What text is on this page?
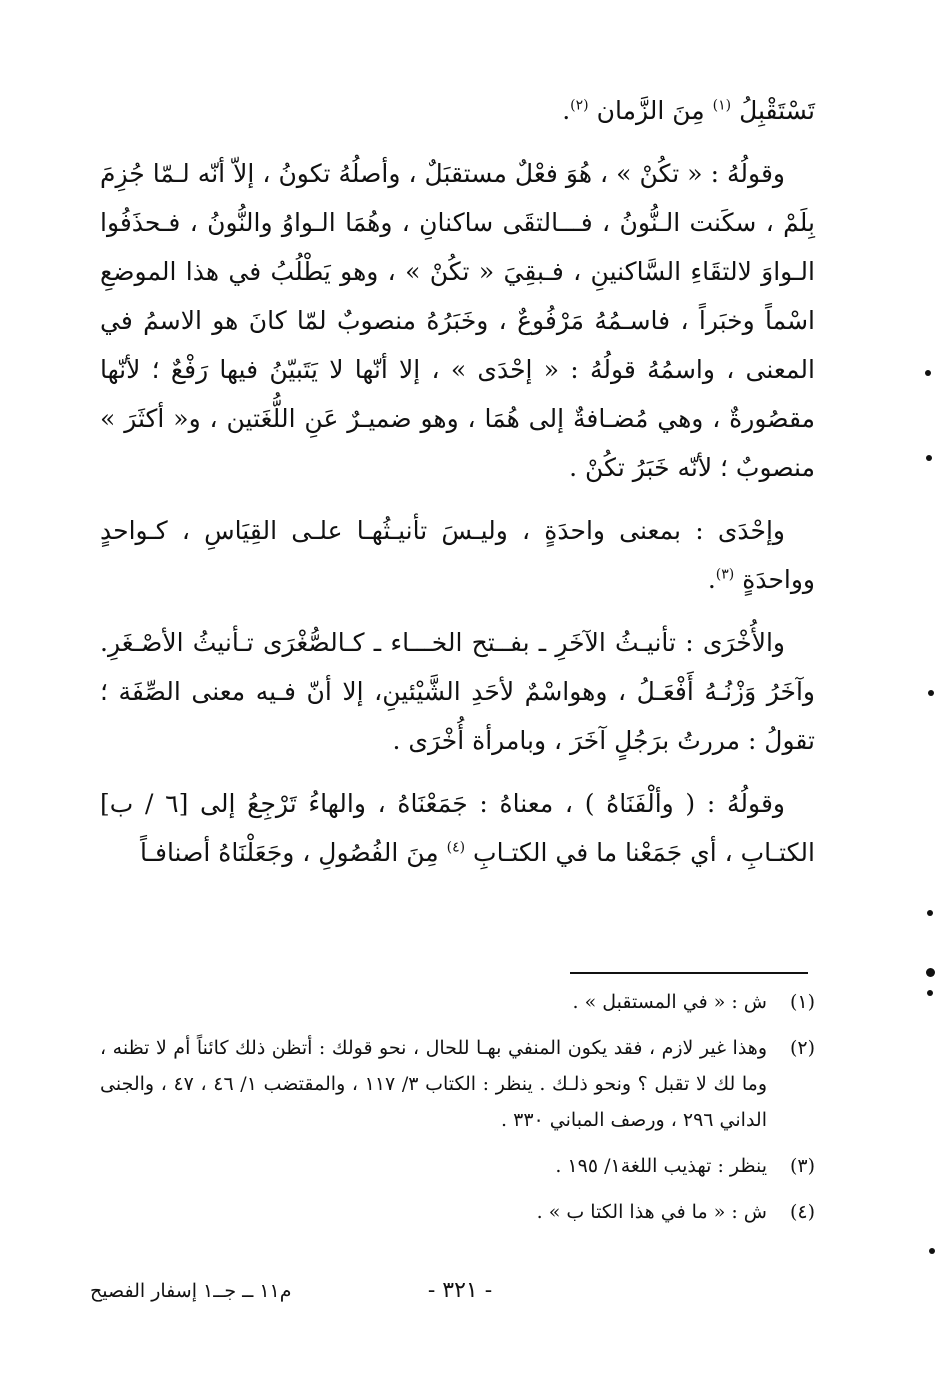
تَسْتَقْبِلُ $^{(١)}$ مِنَ الزَّمان $^{(٢)}$.

وقولُهُ : « تكُنْ » ، هُوَ فعْلٌ مستقبَلٌ ، وأصلُهُ تكونُ ، إلاّ أنّه لـمّا جُزِمَ بِلَمْ ، سكَنت الـنُّونُ ، فـــالتقَى ساكنانِ ، وهُمَا الـواوُ والنُّونُ ، فـحذَفُوا الـواوَ لالتقَاءِ السَّاكنينِ ، فـبقِيَ « تكُنْ » ، وهو يَطْلُبُ في هذا الموضعِ اسْماً وخبَراً ، فاسـمُهُ مَرْفُوعٌ ، وخَبَرُهُ منصوبٌ لمّا كانَ هو الاسمُ في المعنى ، واسمُهُ قولُهُ : « إحْدَى » ، إلا أنّها لا يَتَبيّنُ فيها رَفْعٌ ؛ لأنّها مقصُورةٌ ، وهي مُضـافةٌ إلى هُمَا ، وهو ضميـرٌ عَنِ اللُّغَتين ، و« أكثَرَ » منصوبٌ ؛ لأنّه خَبَرُ تكُنْ .

وإحْدَى : بمعنى واحدَةٍ ، وليـسَ تأنيـثُهـا علـى القِيَاسِ ، كـواحدٍ وواحدَةٍ $^{(٣)}$.

والأُخْرَى : تأنيـثُ الآخَرِ ـ بفــتح الخـــاء ـ كـالصُّغْرَى تـأنيثُ الأصْـغَرِ. وآخَرُ وَزْنُـهُ أَفْعَـلُ ، وهواسْمٌ لأحَدِ الشَّيْئينِ، إلا أنّ فـيه معنى الصِّفَة ؛ تقولُ : مررتُ برَجُلٍ آخَرَ ، وبامرأة أُخْرَى .

وقولُهُ : ( وألْفَنَاهُ ) ، معناهُ : جَمَعْنَاهُ ، والهاءُ تَرْجِعُ إلى [٦ / ب] الكتـابِ ، أي جَمَعْنا ما في الكتـابِ $^{(٤)}$ مِنَ الفُصُولِ ، وجَعَلْنَاهُ أصنافـاً

(١)
ش : « في المستقبل » .
(٢)
وهذا غير لازم ، فقد يكون المنفي بهـا للحال ، نحو قولك : أتظن ذلك كائناً أم لا تظنه ، وما لك لا تقبل ؟ ونحو ذلـك . ينظر : الكتاب ٣/ ١١٧ ، والمقتضب ١/ ٤٦ ، ٤٧ ، والجنى الداني ٢٩٦ ، ورصف المباني ٣٣٠ .
(٣)
ينظر : تهذيب اللغة١/ ١٩٥ .
(٤)
ش : « ما في هذا الكتا ب » .
- ٣٢١ -
م١١ ــ جــ١ إسفار الفصيح
